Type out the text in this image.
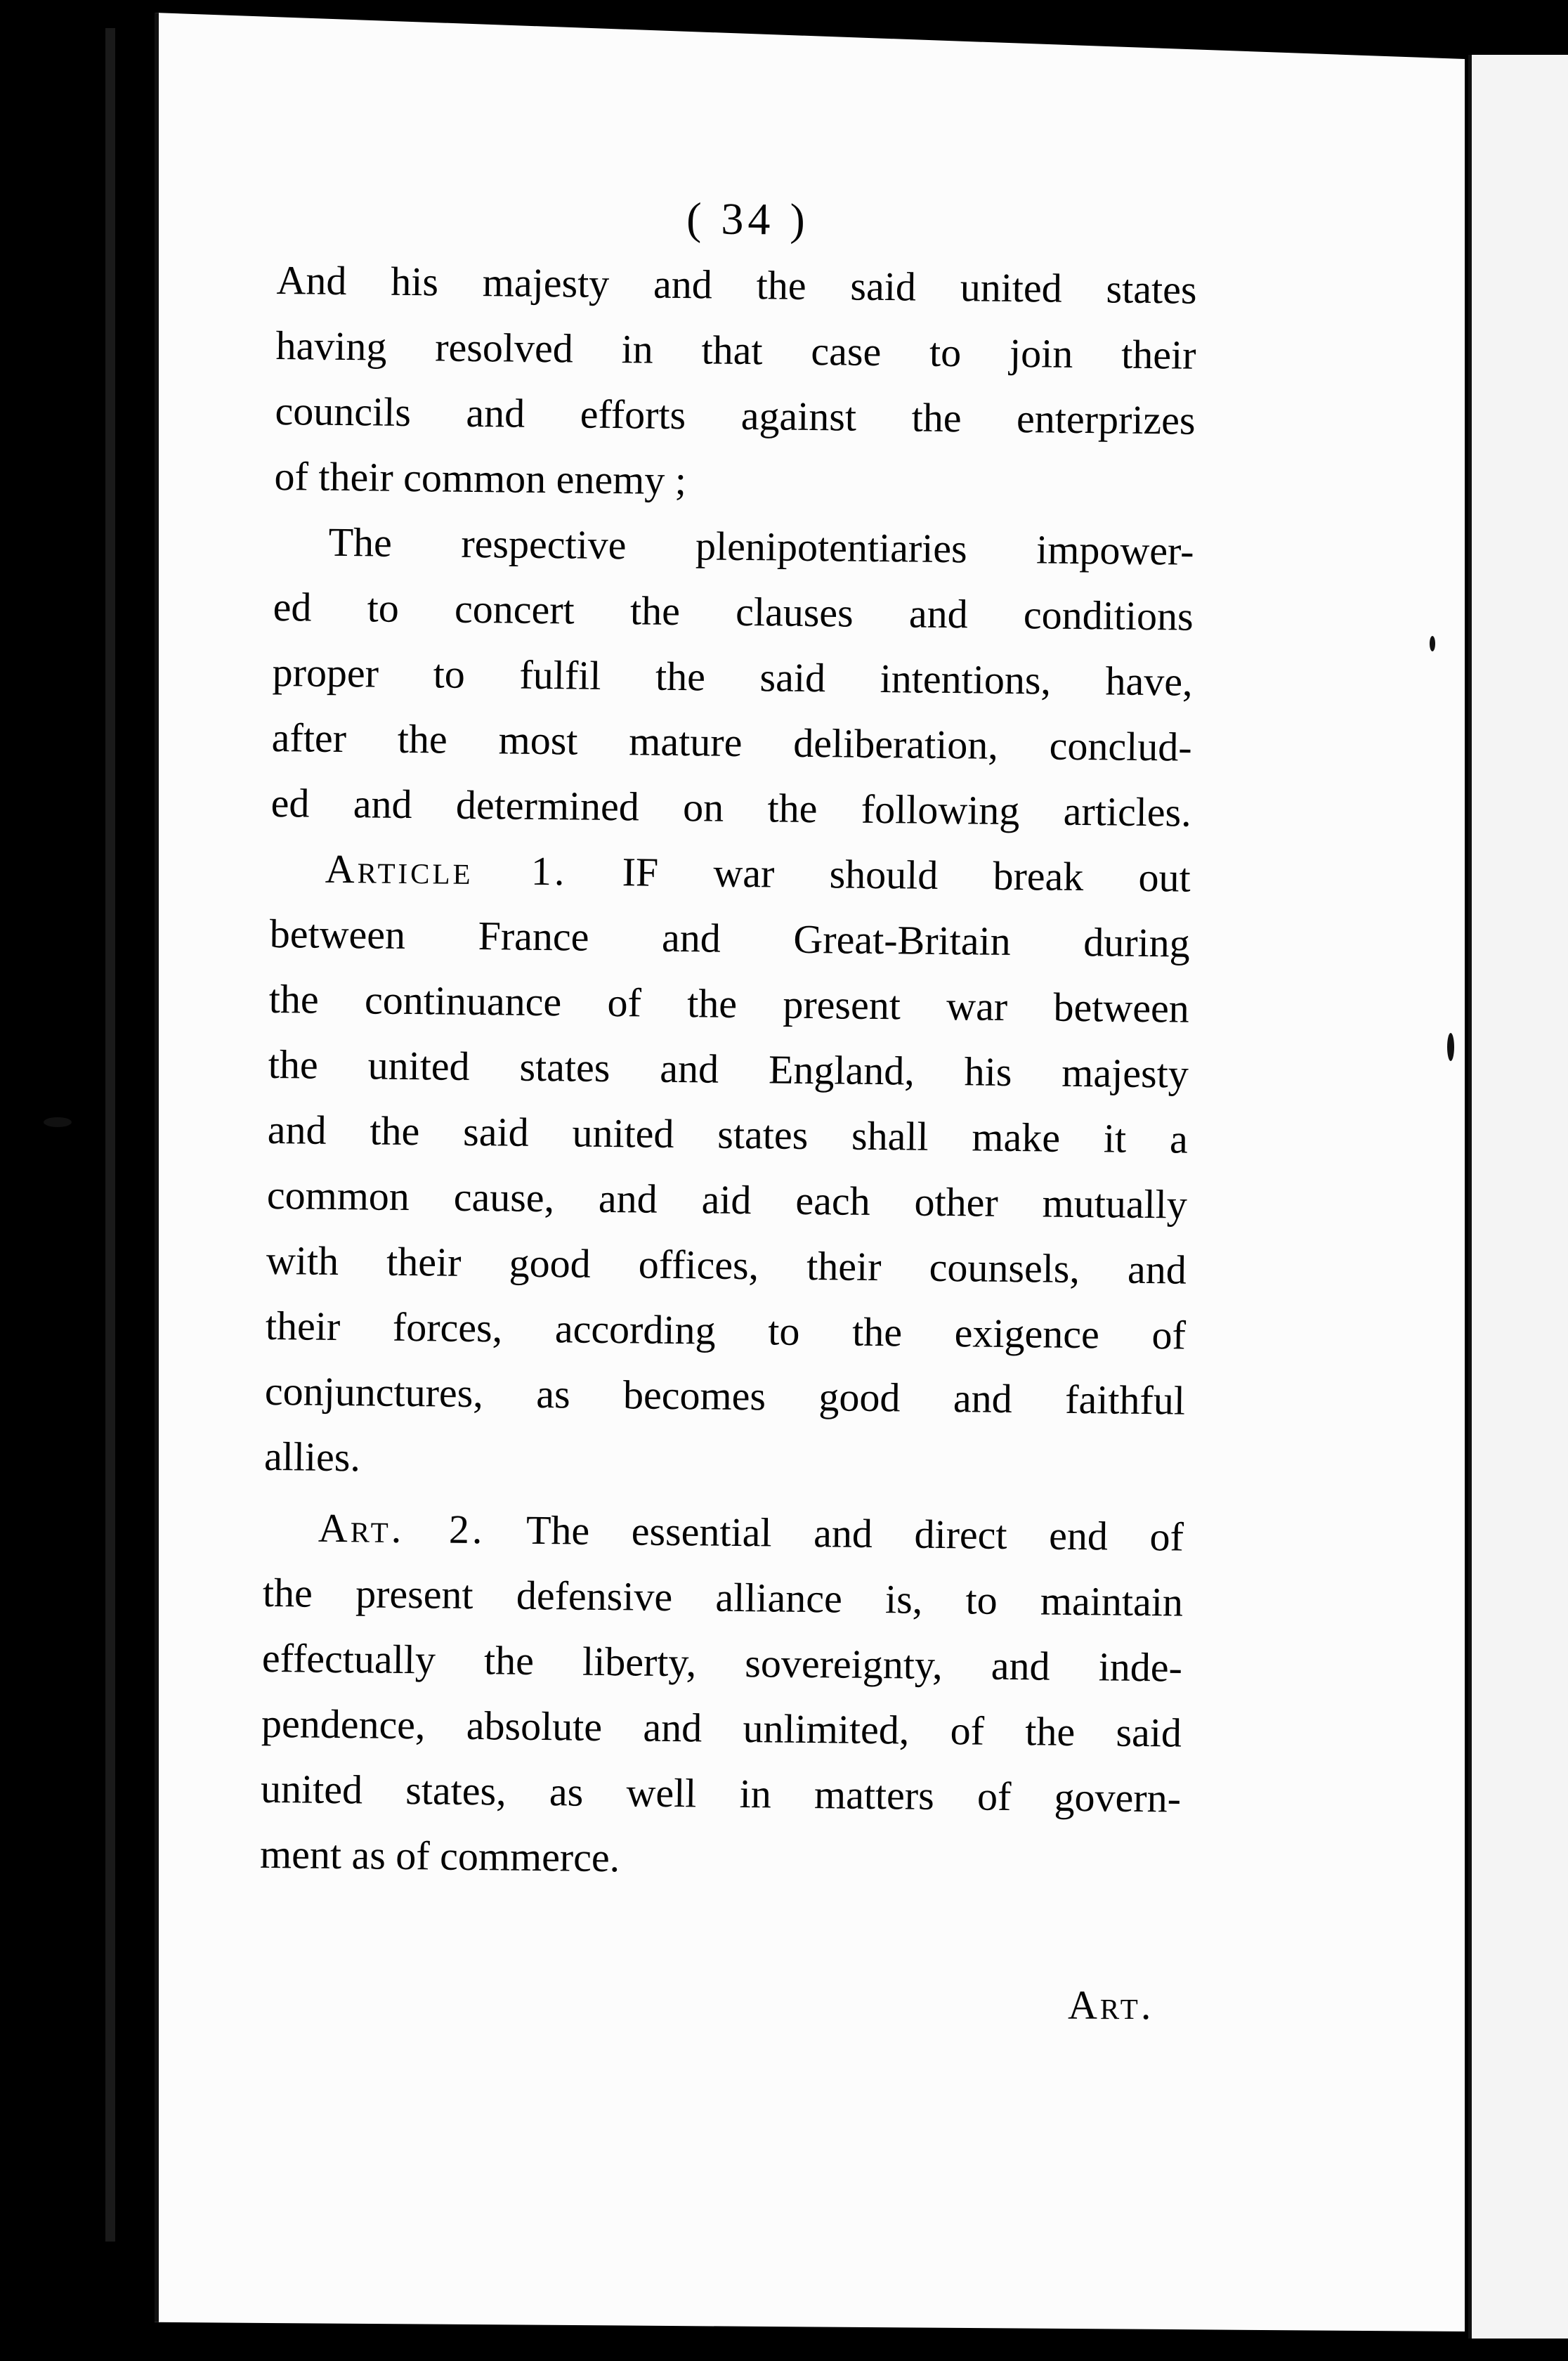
( 34 )
And his majesty and the said united states
having resolved in that case to join their
councils and efforts against the enterprizes
of their common enemy ;
The respective plenipotentiaries impower-
ed to concert the clauses and conditions
proper to fulfil the said intentions, have,
after the most mature deliberation, conclud-
ed and determined on the following articles.
Article 1. IF war should break out
between France and Great-Britain during
the continuance of the present war between
the united states and England, his majesty
and the said united states shall make it a
common cause, and aid each other mutually
with their good offices, their counsels, and
their forces, according to the exigence of
conjunctures, as becomes good and faithful
allies.
Art. 2. The essential and direct end of
the present defensive alliance is, to maintain
effectually the liberty, sovereignty, and inde-
pendence, absolute and unlimited, of the said
united states, as well in matters of govern-
ment as of commerce.
Art.
